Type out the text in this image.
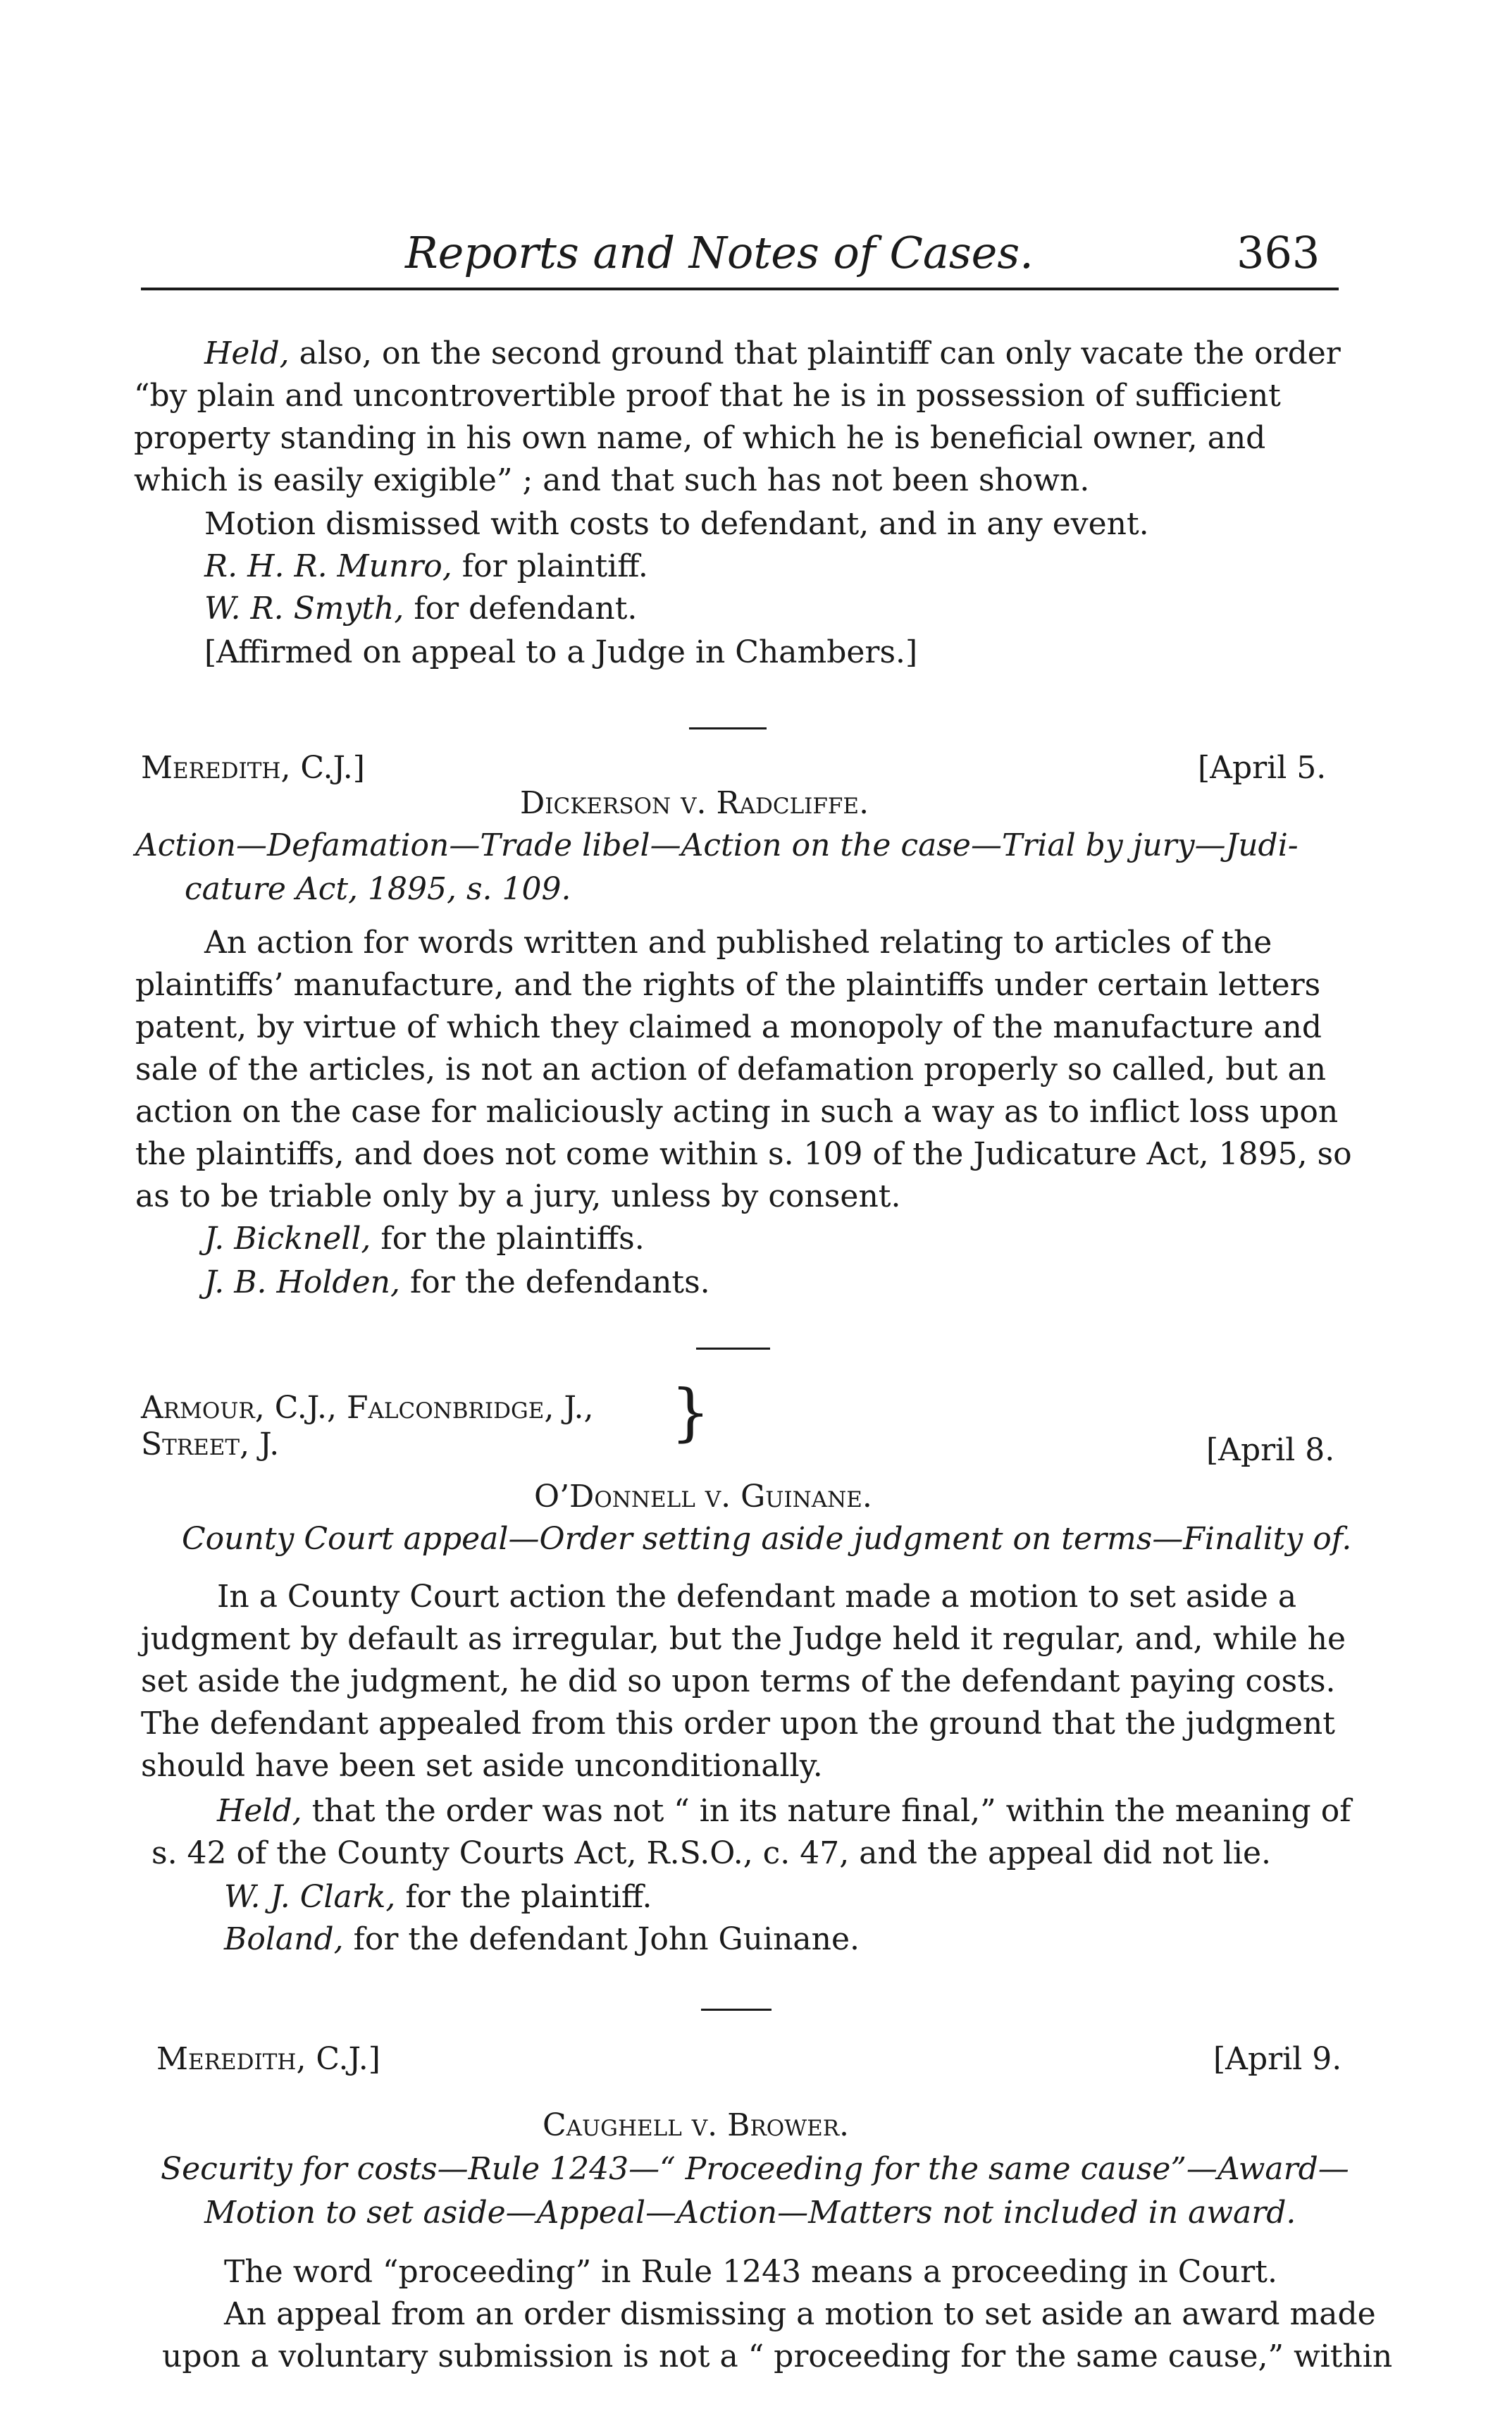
Reports and Notes of Cases.	363
Held, also, on the second ground that plaintiff can only vacate the order
“by plain and uncontrovertible proof that he is in possession of sufficient
property standing in his own name, of which he is beneficial owner, and
which is easily exigible” ; and that such has not been shown.
Motion dismissed with costs to defendant, and in any event.
R. H. R. Munro, for plaintiff.
W. R. Smyth, for defendant.
[Affirmed on appeal to a Judge in Chambers.]
Meredith, C.J.]	[April 5.
Dickerson v. Radcliffe.
Action—Defamation—Trade libel—Action on the case—Trial by jury—Judi-
cature Act, 1895, s. 109.
An action for words written and published relating to articles of the
plaintiffs’ manufacture, and the rights of the plaintiffs under certain letters
patent, by virtue of which they claimed a monopoly of the manufacture and
sale of the articles, is not an action of defamation properly so called, but an
action on the case for maliciously acting in such a way as to inflict loss upon
the plaintiffs, and does not come within s. 109 of the Judicature Act, 1895, so
as to be triable only by a jury, unless by consent.
J. Bicknell, for the plaintiffs.
J. B. Holden, for the defendants.
Armour, C.J., Falconbridge, J.,
Street, J.	}
[April 8.
O’Donnell v. Guinane.
County Court appeal—Order setting aside judgment on terms—Finality of.
In a County Court action the defendant made a motion to set aside a
judgment by default as irregular, but the Judge held it regular, and, while he
set aside the judgment, he did so upon terms of the defendant paying costs.
The defendant appealed from this order upon the ground that the judgment
should have been set aside unconditionally.
Held, that the order was not “ in its nature final,” within the meaning of
s. 42 of the County Courts Act, R.S.O., c. 47, and the appeal did not lie.
W. J. Clark, for the plaintiff.
Boland, for the defendant John Guinane.
Meredith, C.J.]	[April 9.
Caughell v. Brower.
Security for costs—Rule 1243—“ Proceeding for the same cause”—Award—
Motion to set aside—Appeal—Action—Matters not included in award.
The word “proceeding” in Rule 1243 means a proceeding in Court.
An appeal from an order dismissing a motion to set aside an award made
upon a voluntary submission is not a “ proceeding for the same cause,” within
